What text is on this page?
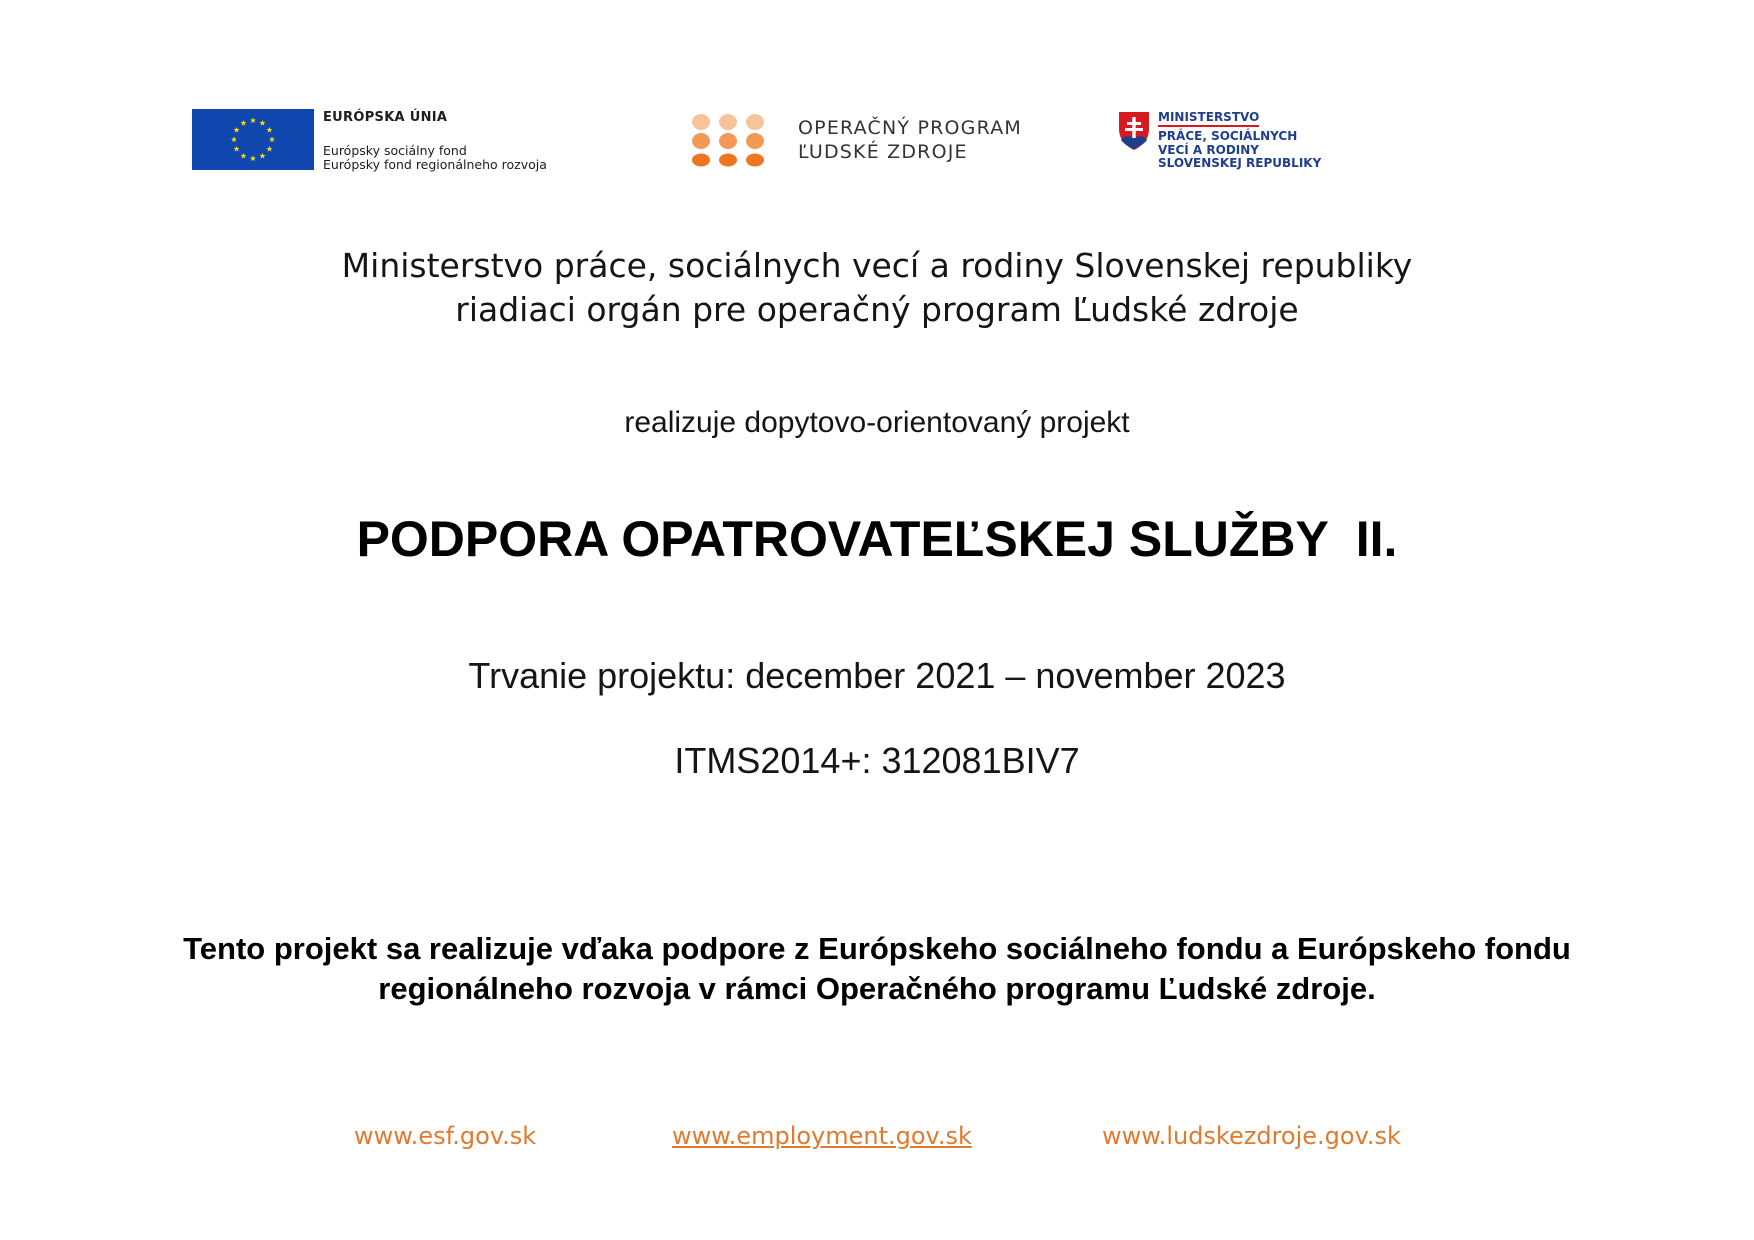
EURÓPSKA ÚNIA
Európsky sociálny fond
Európsky fond regionálneho rozvoja
OPERAČNÝ PROGRAM
ĽUDSKÉ ZDROJE
MINISTERSTVO
PRÁCE, SOCIÁLNYCH
VECÍ A RODINY
SLOVENSKEJ REPUBLIKY
Ministerstvo práce, sociálnych vecí a rodiny Slovenskej republiky
riadiaci orgán pre operačný program Ľudské zdroje
realizuje dopytovo-orientovaný projekt
PODPORA OPATROVATEĽSKEJ SLUŽBY  II.
Trvanie projektu: december 2021 – november 2023
ITMS2014+: 312081BIV7
Tento projekt sa realizuje vďaka podpore z Európskeho sociálneho fondu a Európskeho fondu
regionálneho rozvoja v rámci Operačného programu Ľudské zdroje.
www.esf.gov.sk	www.employment.gov.sk	www.ludskezdroje.gov.sk
